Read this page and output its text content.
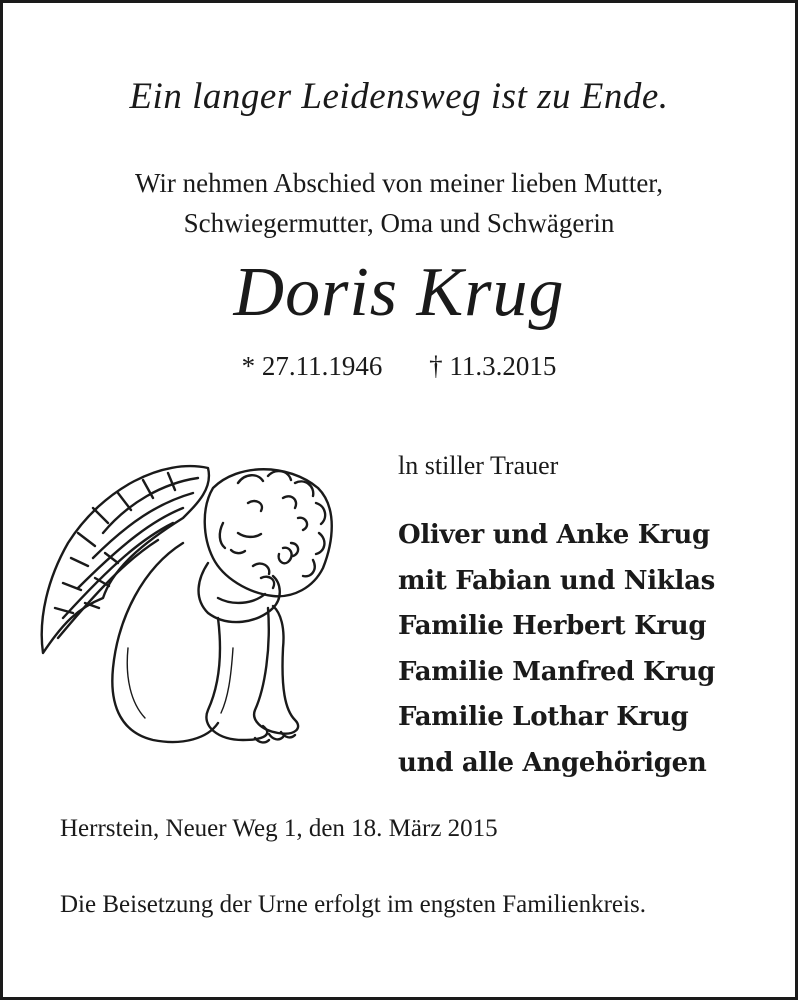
Ein langer Leidensweg ist zu Ende.
Wir nehmen Abschied von meiner lieben Mutter,
Schwiegermutter, Oma und Schwägerin
Doris Krug
* 27.11.1946 † 11.3.2015
ln stiller Trauer
Oliver und Anke Krug
mit Fabian und Niklas
Familie Herbert Krug
Familie Manfred Krug
Familie Lothar Krug
und alle Angehörigen
Herrstein, Neuer Weg 1, den 18. März 2015
Die Beisetzung der Urne erfolgt im engsten Familienkreis.
